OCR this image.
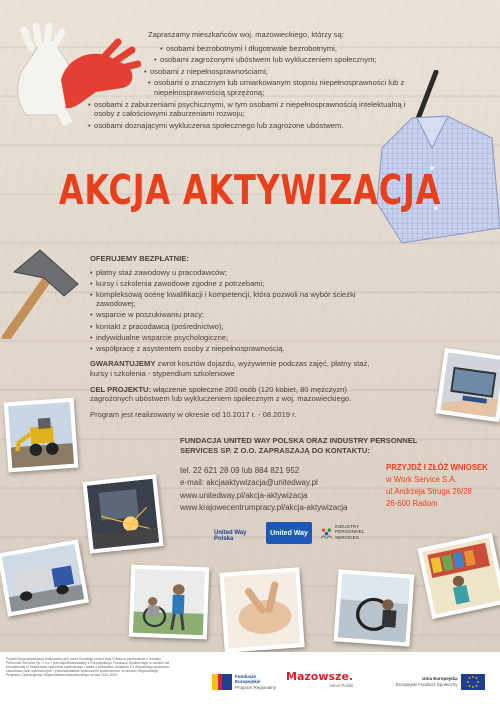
Zapraszamy mieszkańców woj. mazowieckiego, którzy są:
• osobami bezrobotnymi i długotrwale bezrobotnymi,
• osobami zagrożonymi ubóstwem lub wykluczeniem społecznym;
• osobami z niepełnosprawnościami;
• osobami o znacznym lub umiarkowanym stopniu niepełnosprawności lub z niepełnosprawnością sprzężoną;
• osobami z zaburzeniami psychicznymi, w tym osobami z niepełnosprawnością intelektualną i osoby z całościowymi zaburzeniami rozwoju;
• osobami doznającymi wykluczenia społecznego lub zagrożone ubóstwem.
AKCJA AKTYWIZACJA
OFERUJEMY BEZPŁATNIE:
• płatny staż zawodowy u pracodawców;
• kursy i szkolenia zawodowe zgodne z potrzebami;
• kompleksową ocenę kwalifikacji i kompetencji, która pozwoli na wybór ścieżki zawodowej;
• wsparcie w poszukiwaniu pracy;
• kontakt z pracodawcą (pośrednictwo);
• indywidualne wsparcie psychologiczne;
• współpracę z asystentem osoby z niepełnosprawnością.

GWARANTUJEMY zwrot kosztów dojazdu, wyżywienie podczas zajęć, płatny staż, kursy i szkolenia - stypendium szkoleniowe

CEL PROJEKTU: włączenie społeczne 200 osób (120 kobiet, 80 mężczyzn) zagrożonych ubóstwem lub wykluczeniem społecznym z woj. mazowieckiego.

Program jest realizowany w okresie od 10.2017 r. - 08.2019 r.

FUNDACJA UNITED WAY POLSKA ORAZ INDUSTRY PERSONNEL SERVICES SP. Z O.O. ZAPRASZAJĄ DO KONTAKTU:
tel. 22 621 28 09 lub 884 821 952
e-mail: akcjaaktywizacja@unitedway.pl
www.unitedway.pl/akcja-aktywizacja
www.krajowecentrumpracy.pl/akcja-aktywizacja
PRZYJDŹ I ZŁÓŻ WNIOSEK
w Work Service S.A.
ul.Andrzeja Struga 26/28
26-600 Radom
United Way Polska
United Way
INDUSTRY PERSONNEL SERVICES
Projekt Akcja aktywizacja realizowany jest przez Fundację United Way Polska w partnerstwie z Industry Personnel Services Sp. z o.o. i jest współfinansowany z Europejskiego Funduszu Społecznego w ramach osi priorytetowej IX Wspieranie włączenia społecznego i walka z ubóstwem, działania 9.1 Aktywizacja społeczno-zawodowa osób wykluczonych i przeciwdziałanie wykluczeniu społecznemu, w ramach Regionalnego Programu Operacyjnego Województwa Mazowieckiego na lata 2014-2020.	Fundusze
Europejskie
Program Regionalny
Mazowsze.
serce Polski
Unia Europejska
Europejski Fundusz Społeczny
